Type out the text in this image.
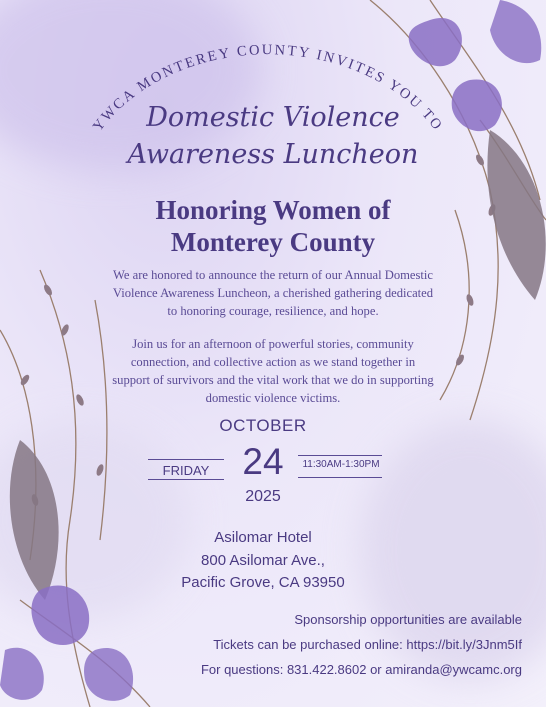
YWCA MONTEREY COUNTY INVITES YOU TO
Domestic Violence
Awareness Luncheon
Honoring Women of
Monterey County
We are honored to announce the return of our Annual Domestic
Violence Awareness Luncheon, a cherished gathering dedicated
to honoring courage, resilience, and hope.
Join us for an afternoon of powerful stories, community
connection, and collective action as we stand together in
support of survivors and the vital work that we do in supporting
domestic violence victims.
OCTOBER
FRIDAY 24	11:30AM-1:30PM
2025
Asilomar Hotel
800 Asilomar Ave.,
Pacific Grove, CA 93950
Sponsorship opportunities are available
Tickets can be purchased online: https://bit.ly/3Jnm5If
For questions: 831.422.8602 or amiranda@ywcamc.org
